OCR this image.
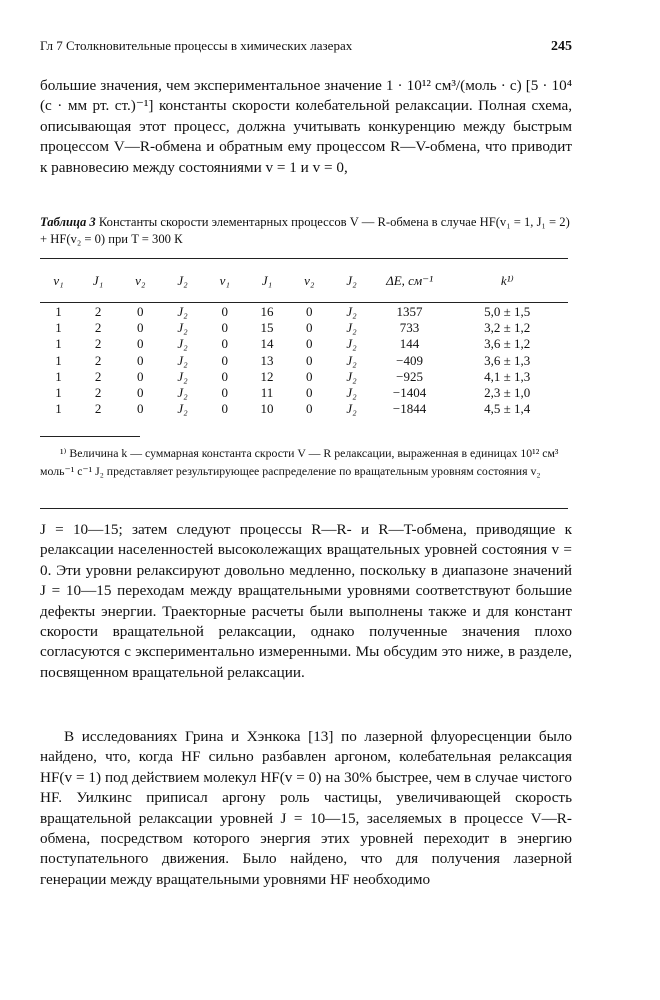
Гл 7 Столкновительные процессы в химических лазерах	245

большие значения, чем экспериментальное значение 1 · 10¹² см³/(моль · с) [5 · 10⁴ (с · мм рт. ст.)⁻¹] константы скорости колебательной релаксации. Полная схема, описывающая этот процесс, должна учитывать конкуренцию между быстрым процессом V—R-обмена и обратным ему процессом R—V-обмена, что приводит к равновесию между состояниями v = 1 и v = 0,

Таблица 3 Константы скорости элементарных процессов V — R-обмена в случае HF(v₁ = 1, J₁ = 2) + HF(v₂ = 0) при T = 300 К

v₁	J₁	v₂	J₂	v₁	J₁	v₂	J₂	ΔE, см⁻¹	k¹⁾
1	2	0	J₂	0	16	0	J₂	1357	5,0 ± 1,5
1	2	0	J₂	0	15	0	J₂	733	3,2 ± 1,2
1	2	0	J₂	0	14	0	J₂	144	3,6 ± 1,2
1	2	0	J₂	0	13	0	J₂	−409	3,6 ± 1,3
1	2	0	J₂	0	12	0	J₂	−925	4,1 ± 1,3
1	2	0	J₂	0	11	0	J₂	−1404	2,3 ± 1,0
1	2	0	J₂	0	10	0	J₂	−1844	4,5 ± 1,4

¹⁾ Величина k — суммарная константа скрости V — R релаксации, выраженная в единицах 10¹² см³ моль⁻¹ с⁻¹ J₂ представляет результирующее распределение по вращательным уровням состояния v₂

J = 10—15; затем следуют процессы R—R- и R—T-обмена, приводящие к релаксации населенностей высоколежащих вращательных уровней состояния v = 0. Эти уровни релаксируют довольно медленно, поскольку в диапазоне значений J = 10—15 переходам между вращательными уровнями соответствуют большие дефекты энергии. Траекторные расчеты были выполнены также и для констант скорости вращательной релаксации, однако полученные значения плохо согласуются с экспериментально измеренными. Мы обсудим это ниже, в разделе, посвященном вращательной релаксации.

В исследованиях Грина и Хэнкока [13] по лазерной флуоресценции было найдено, что, когда HF сильно разбавлен аргоном, колебательная релаксация HF(v = 1) под действием молекул HF(v = 0) на 30% быстрее, чем в случае чистого HF. Уилкинс приписал аргону роль частицы, увеличивающей скорость вращательной релаксации уровней J = 10—15, заселяемых в процессе V—R-обмена, посредством которого энергия этих уровней переходит в энергию поступательного движения. Было найдено, что для получения лазерной генерации между вращательными уровнями HF необходимо
